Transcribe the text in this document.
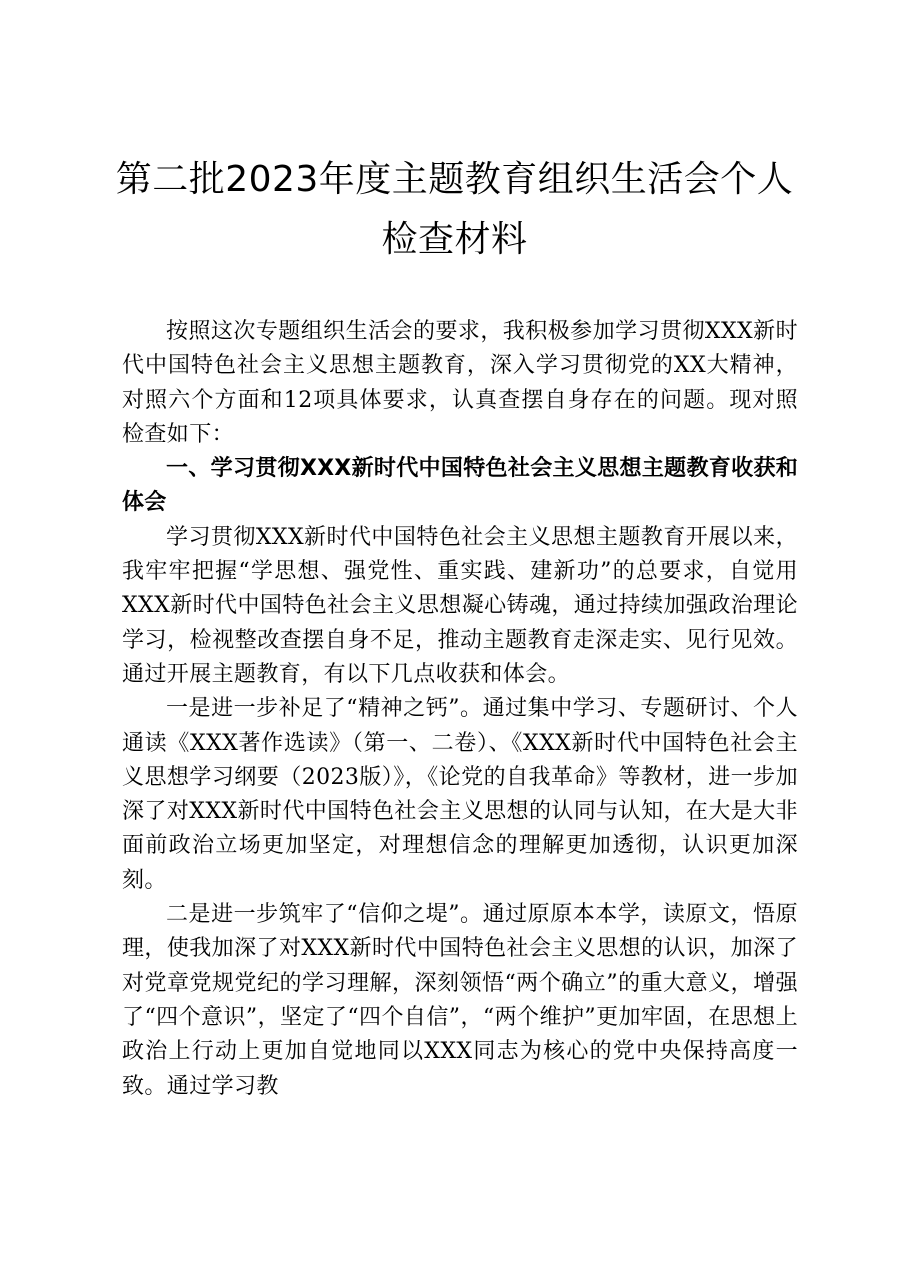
第二批2023年度主题教育组织生活会个人检查材料

按照这次专题组织生活会的要求，我积极参加学习贯彻XXX新时代中国特色社会主义思想主题教育，深入学习贯彻党的XX大精神，对照六个方面和12项具体要求，认真查摆自身存在的问题。现对照检查如下：

一、学习贯彻XXX新时代中国特色社会主义思想主题教育收获和体会

学习贯彻XXX新时代中国特色社会主义思想主题教育开展以来，我牢牢把握“学思想、强党性、重实践、建新功”的总要求，自觉用XXX新时代中国特色社会主义思想凝心铸魂，通过持续加强政治理论学习，检视整改查摆自身不足，推动主题教育走深走实、见行见效。通过开展主题教育，有以下几点收获和体会。

一是进一步补足了“精神之钙”。通过集中学习、专题研讨、个人通读《XXX著作选读》（第一、二卷）、《XXX新时代中国特色社会主义思想学习纲要（2023版）》，《论党的自我革命》等教材，进一步加深了对XXX新时代中国特色社会主义思想的认同与认知，在大是大非面前政治立场更加坚定，对理想信念的理解更加透彻，认识更加深刻。

二是进一步筑牢了“信仰之堤”。通过原原本本学，读原文，悟原理，使我加深了对XXX新时代中国特色社会主义思想的认识，加深了对党章党规党纪的学习理解，深刻领悟“两个确立”的重大意义，增强了“四个意识”，坚定了“四个自信”，“两个维护”更加牢固，在思想上政治上行动上更加自觉地同以XXX同志为核心的党中央保持高度一致。通过学习教
